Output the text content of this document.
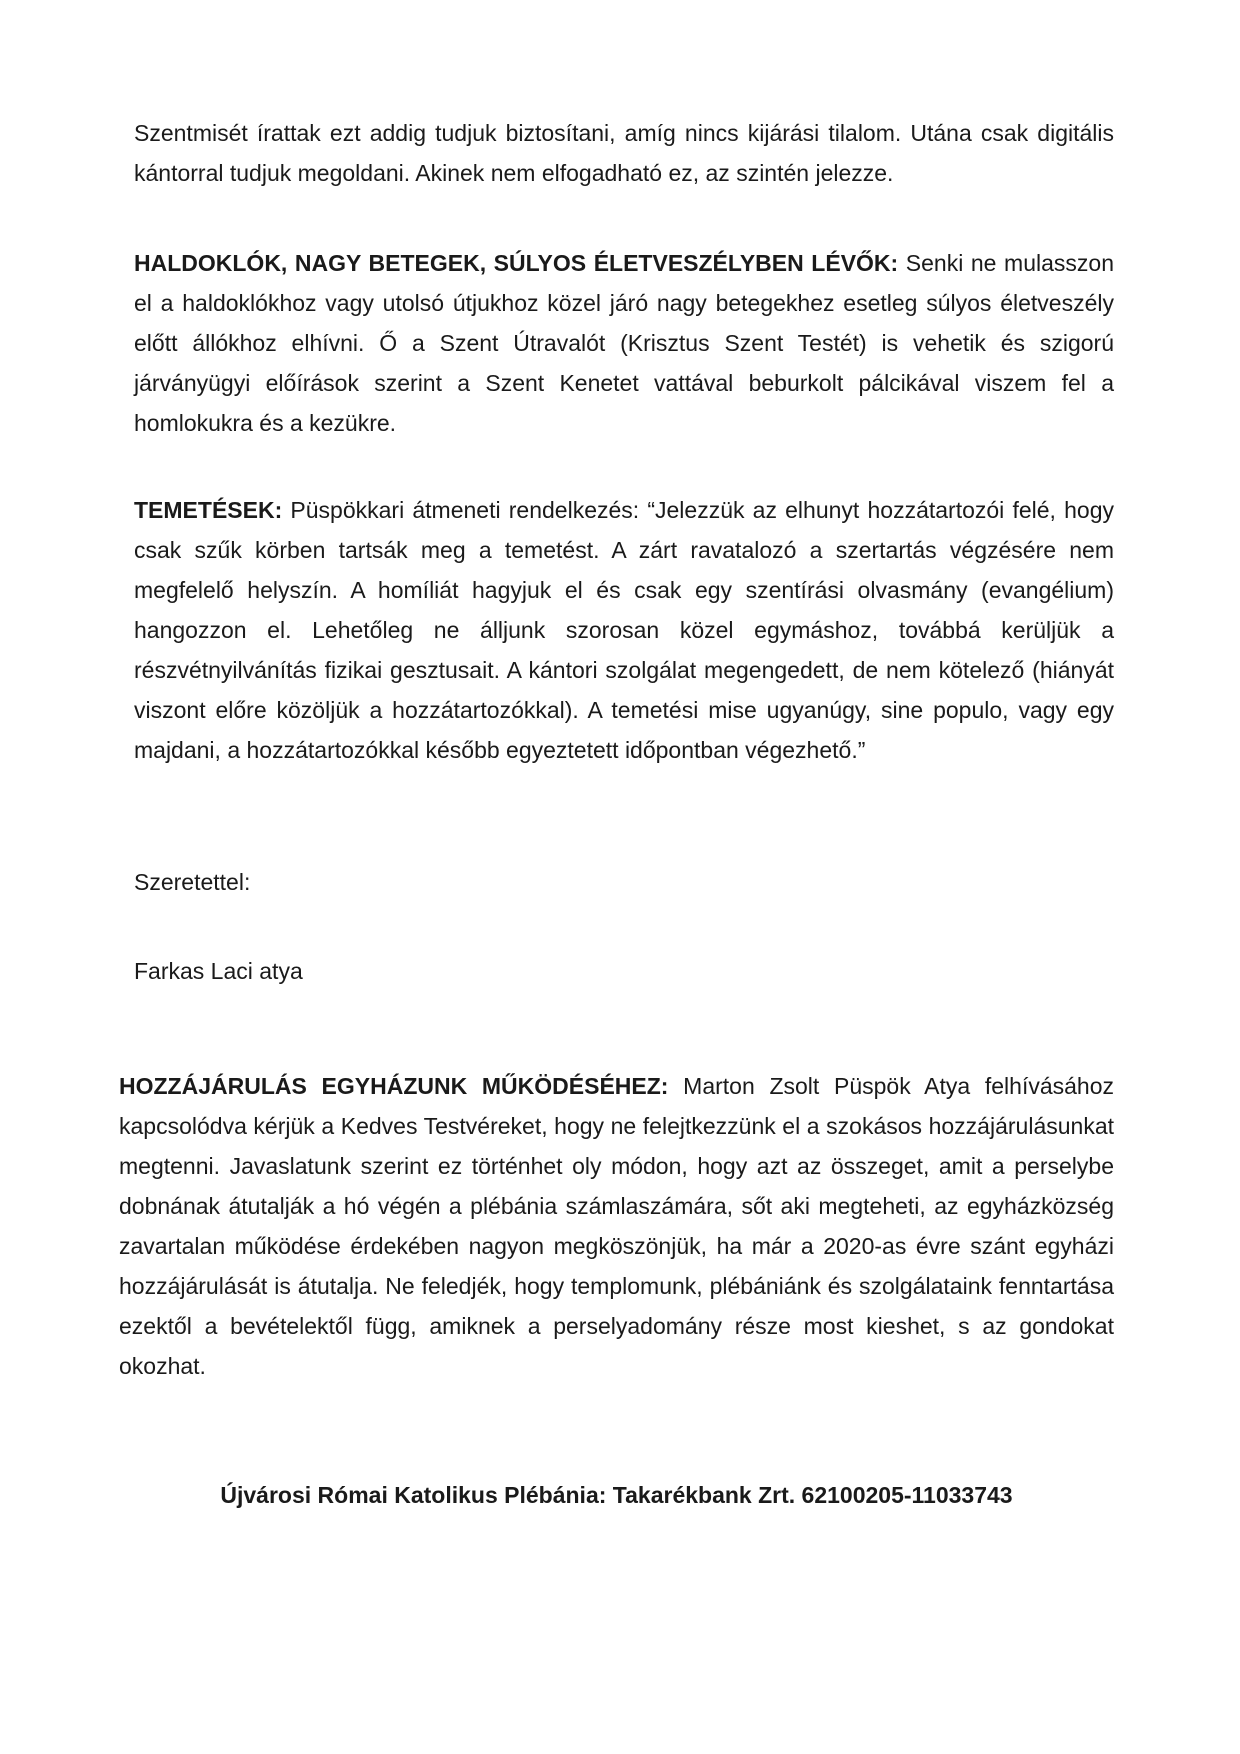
Szentmisét írattak ezt addig tudjuk biztosítani, amíg nincs kijárási tilalom. Utána csak digitális kántorral tudjuk megoldani. Akinek nem elfogadható ez, az szintén jelezze.

HALDOKLÓK, NAGY BETEGEK, SÚLYOS ÉLETVESZÉLYBEN LÉVŐK: Senki ne mulasszon el a haldoklókhoz vagy utolsó útjukhoz közel járó nagy betegekhez esetleg súlyos életveszély előtt állókhoz elhívni. Ő a Szent Útravalót (Krisztus Szent Testét) is vehetik és szigorú járványügyi előírások szerint a Szent Kenetet vattával beburkolt pálcikával viszem fel a homlokukra és a kezükre.

TEMETÉSEK: Püspökkari átmeneti rendelkezés: “Jelezzük az elhunyt hozzátartozói felé, hogy csak szűk körben tartsák meg a temetést. A zárt ravatalozó a szertartás végzésére nem megfelelő helyszín. A homíliát hagyjuk el és csak egy szentírási olvasmány (evangélium) hangozzon el. Lehetőleg ne álljunk szorosan közel egymáshoz, továbbá kerüljük a részvétnyilvánítás fizikai gesztusait. A kántori szolgálat megengedett, de nem kötelező (hiányát viszont előre közöljük a hozzátartozókkal). A temetési mise ugyanúgy, sine populo, vagy egy majdani, a hozzátartozókkal később egyeztetett időpontban végezhető.”

Szeretettel:

Farkas Laci atya

HOZZÁJÁRULÁS EGYHÁZUNK MŰKÖDÉSÉHEZ: Marton Zsolt Püspök Atya felhívásához kapcsolódva kérjük a Kedves Testvéreket, hogy ne felejtkezzünk el a szokásos hozzájárulásunkat megtenni. Javaslatunk szerint ez történhet oly módon, hogy azt az összeget, amit a perselybe dobnának átutalják a hó végén a plébánia számlaszámára, sőt aki megteheti, az egyházközség zavartalan működése érdekében nagyon megköszönjük, ha már a 2020-as évre szánt egyházi hozzájárulását is átutalja. Ne feledjék, hogy templomunk, plébániánk és szolgálataink fenntartása ezektől a bevételektől függ, amiknek a perselyadomány része most kieshet, s az gondokat okozhat.

Újvárosi Római Katolikus Plébánia: Takarékbank Zrt. 62100205-11033743
